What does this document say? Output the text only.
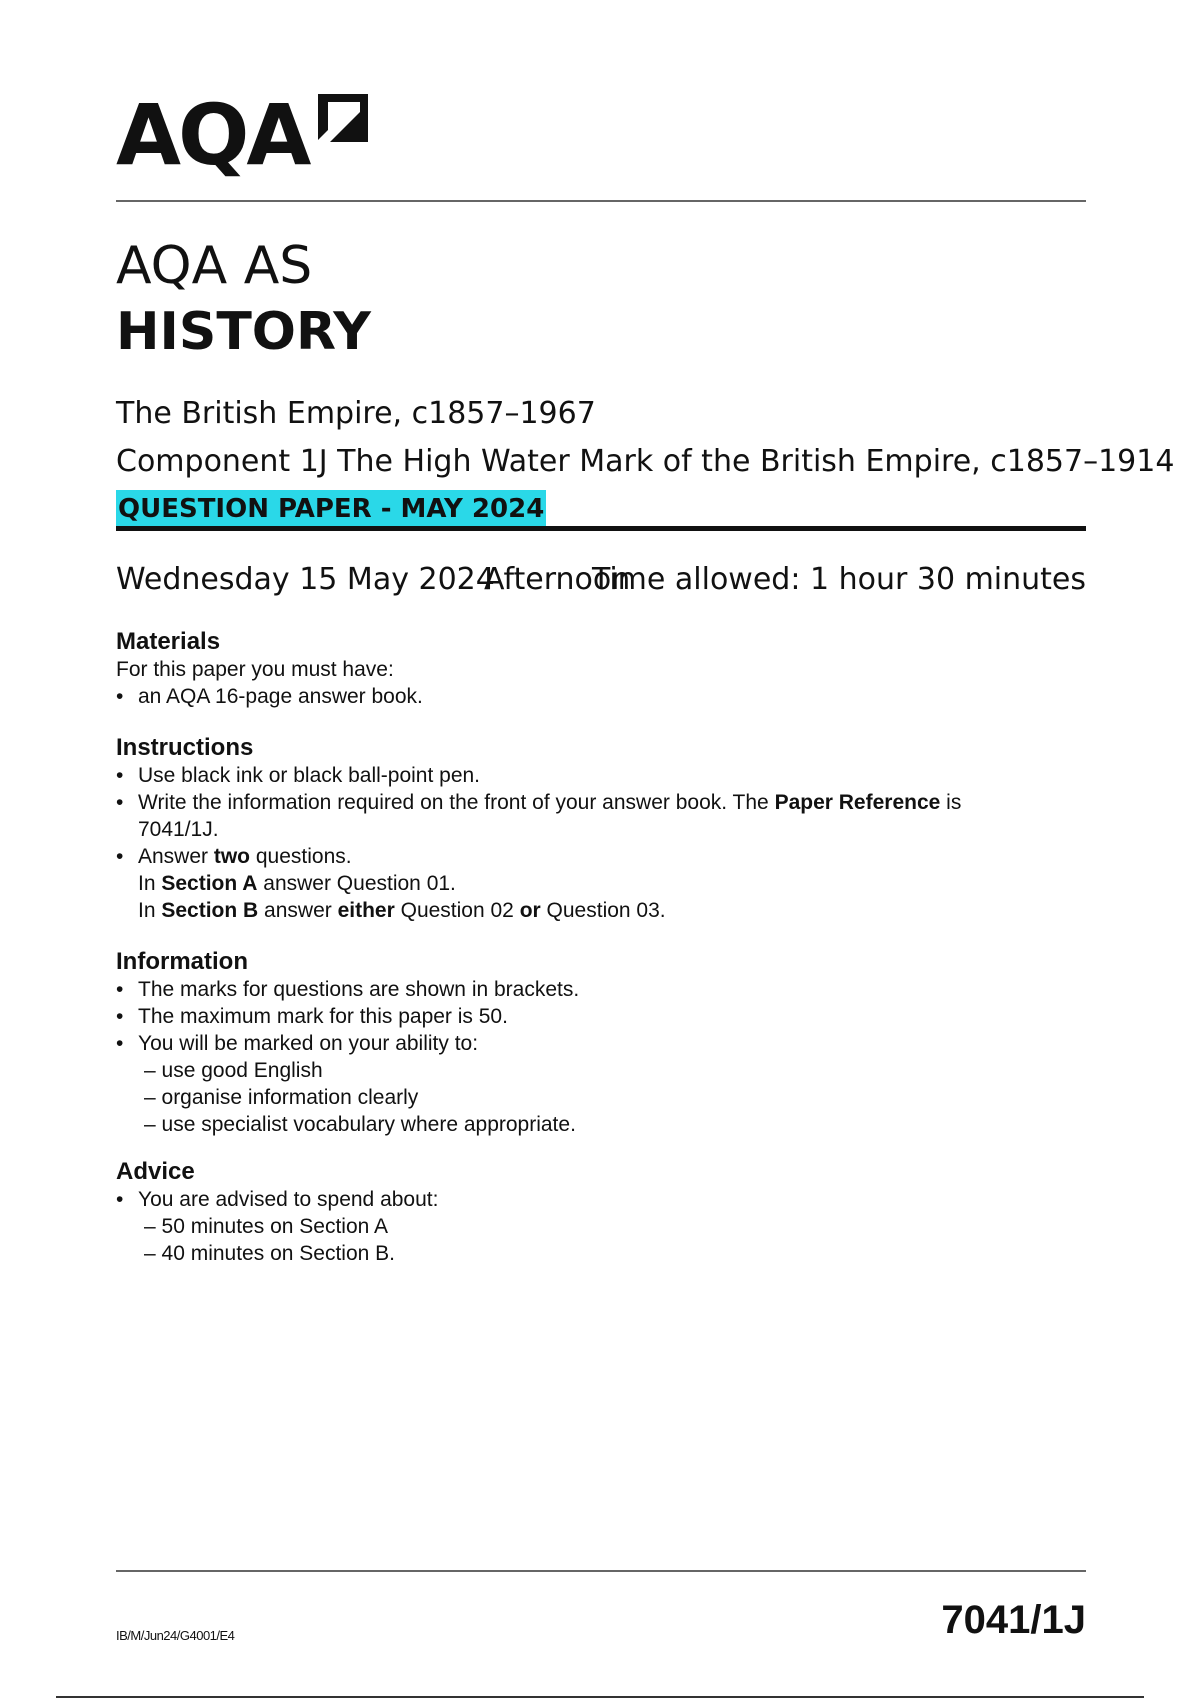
AQA
AQA AS
HISTORY
The British Empire, c1857–1967
Component 1J The High Water Mark of the British Empire, c1857–1914
QUESTION PAPER - MAY 2024
Wednesday 15 May 2024
Afternoon
Time allowed: 1 hour 30 minutes
Materials

For this paper you must have:

• an AQA 16-page answer book.
Instructions
• Use black ink or black ball-point pen.
• Write the information required on the front of your answer book. The Paper Reference is
7041/1J.
• Answer two questions.
In Section A answer Question 01.
In Section B answer either Question 02 or Question 03.
Information
• The marks for questions are shown in brackets.
• The maximum mark for this paper is 50.
• You will be marked on your ability to:
– use good English
– organise information clearly
– use specialist vocabulary where appropriate.
Advice
• You are advised to spend about:
– 50 minutes on Section A
– 40 minutes on Section B.
IB/M/Jun24/G4001/E4	7041/1J
